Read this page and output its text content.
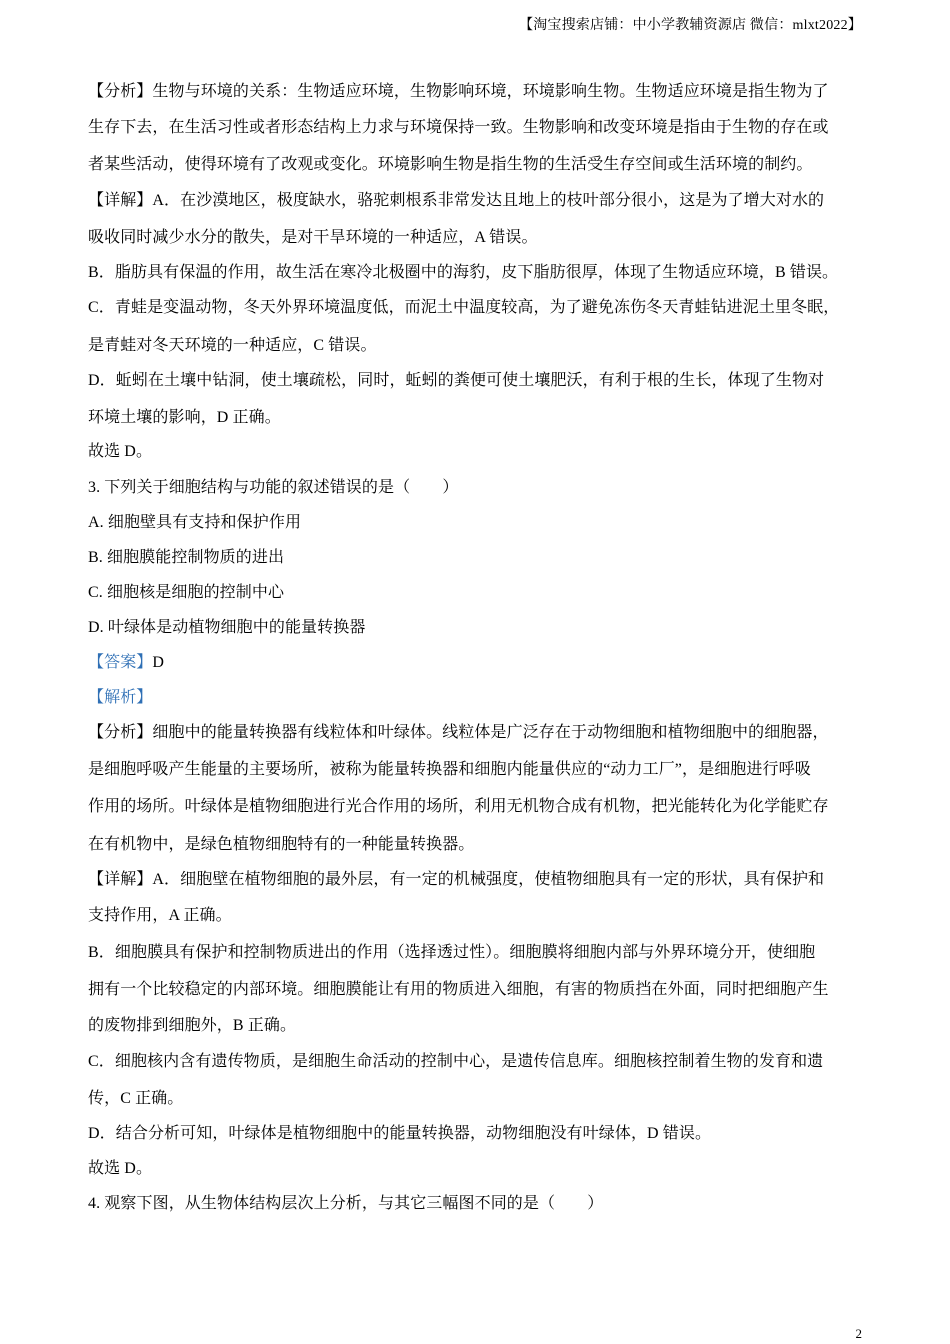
【淘宝搜索店铺：中小学教辅资源店 微信：mlxt2022】
【分析】生物与环境的关系：生物适应环境，生物影响环境，环境影响生物。生物适应环境是指生物为了
生存下去，在生活习性或者形态结构上力求与环境保持一致。生物影响和改变环境是指由于生物的存在或
者某些活动，使得环境有了改观或变化。环境影响生物是指生物的生活受生存空间或生活环境的制约。
【详解】A．在沙漠地区，极度缺水，骆驼刺根系非常发达且地上的枝叶部分很小，这是为了增大对水的
吸收同时减少水分的散失，是对干旱环境的一种适应，A 错误。
B．脂肪具有保温的作用，故生活在寒冷北极圈中的海豹，皮下脂肪很厚，体现了生物适应环境，B 错误。
C．青蛙是变温动物，冬天外界环境温度低，而泥土中温度较高，为了避免冻伤冬天青蛙钻进泥土里冬眠，
是青蛙对冬天环境的一种适应，C 错误。
D．蚯蚓在土壤中钻洞，使土壤疏松，同时，蚯蚓的粪便可使土壤肥沃，有利于根的生长，体现了生物对
环境土壤的影响，D 正确。
故选 D。
3. 下列关于细胞结构与功能的叙述错误的是（　　）
A. 细胞壁具有支持和保护作用
B. 细胞膜能控制物质的进出
C. 细胞核是细胞的控制中心
D. 叶绿体是动植物细胞中的能量转换器
【答案】D
【解析】
【分析】细胞中的能量转换器有线粒体和叶绿体。线粒体是广泛存在于动物细胞和植物细胞中的细胞器，
是细胞呼吸产生能量的主要场所，被称为能量转换器和细胞内能量供应的“动力工厂”，是细胞进行呼吸
作用的场所。叶绿体是植物细胞进行光合作用的场所，利用无机物合成有机物，把光能转化为化学能贮存
在有机物中，是绿色植物细胞特有的一种能量转换器。
【详解】A．细胞壁在植物细胞的最外层，有一定的机械强度，使植物细胞具有一定的形状，具有保护和
支持作用，A 正确。
B．细胞膜具有保护和控制物质进出的作用（选择透过性）。细胞膜将细胞内部与外界环境分开，使细胞
拥有一个比较稳定的内部环境。细胞膜能让有用的物质进入细胞，有害的物质挡在外面，同时把细胞产生
的废物排到细胞外，B 正确。
C．细胞核内含有遗传物质，是细胞生命活动的控制中心，是遗传信息库。细胞核控制着生物的发育和遗
传，C 正确。
D．结合分析可知，叶绿体是植物细胞中的能量转换器，动物细胞没有叶绿体，D 错误。
故选 D。
4. 观察下图，从生物体结构层次上分析，与其它三幅图不同的是（　　）
2
